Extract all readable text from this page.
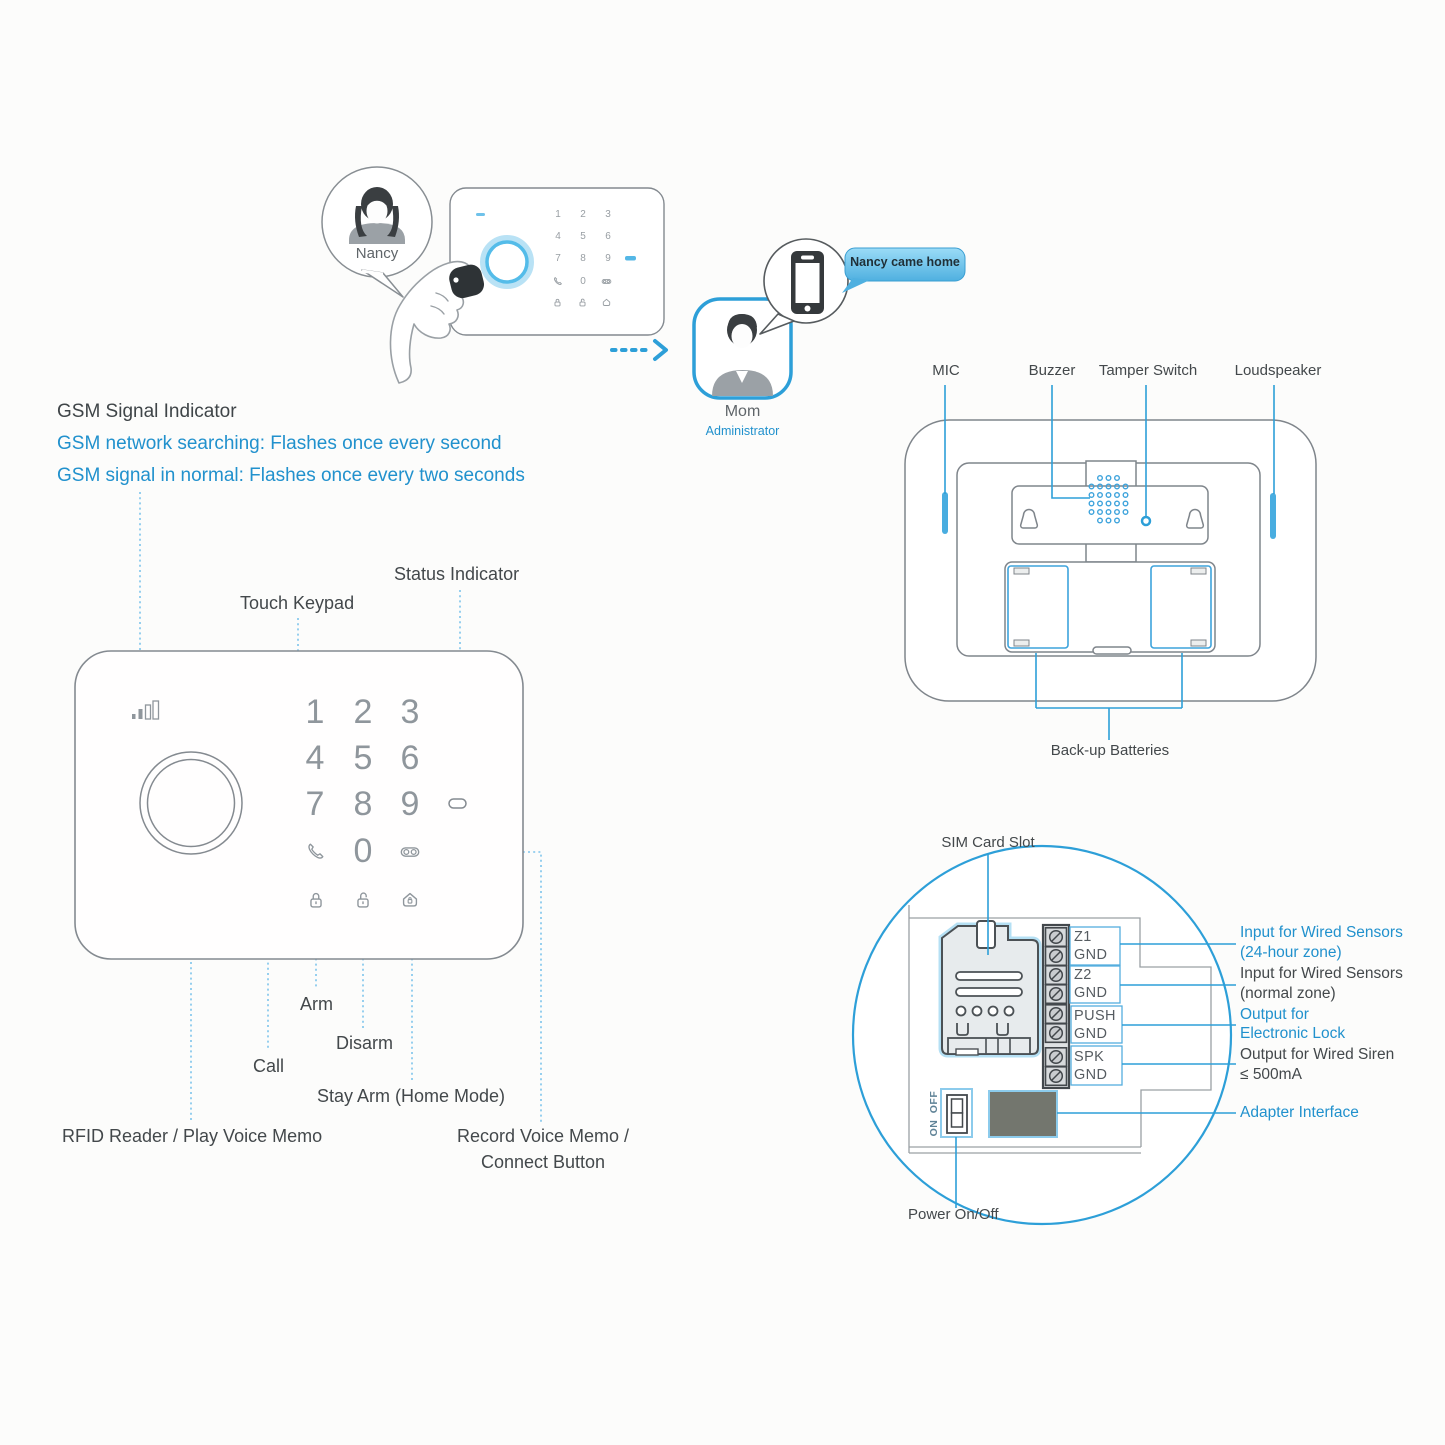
OFF
ON
GSM Signal Indicator
GSM network searching: Flashes once every second
GSM signal in normal: Flashes once every two seconds
Nancy
Mom
Administrator
Nancy came home
Status Indicator
Touch Keypad
Arm
Disarm
Call
Stay Arm (Home Mode)
RFID Reader / Play Voice Memo	Record Voice Memo /
Connect Button
1 2 3
4 5 6
7 8 9
0
1	2	3
4	5	6
7	8	9
0
MIC	Buzzer	Tamper Switch	Loudspeaker
Back-up Batteries
SIM Card Slot
Power On/Off
Z1
GND
Z2
GND
PUSH
GND
SPK
GND
Input for Wired Sensors
(24-hour zone)
Input for Wired Sensors
(normal zone)
Output for
Electronic Lock
Output for Wired Siren
≤ 500mA
Adapter Interface
